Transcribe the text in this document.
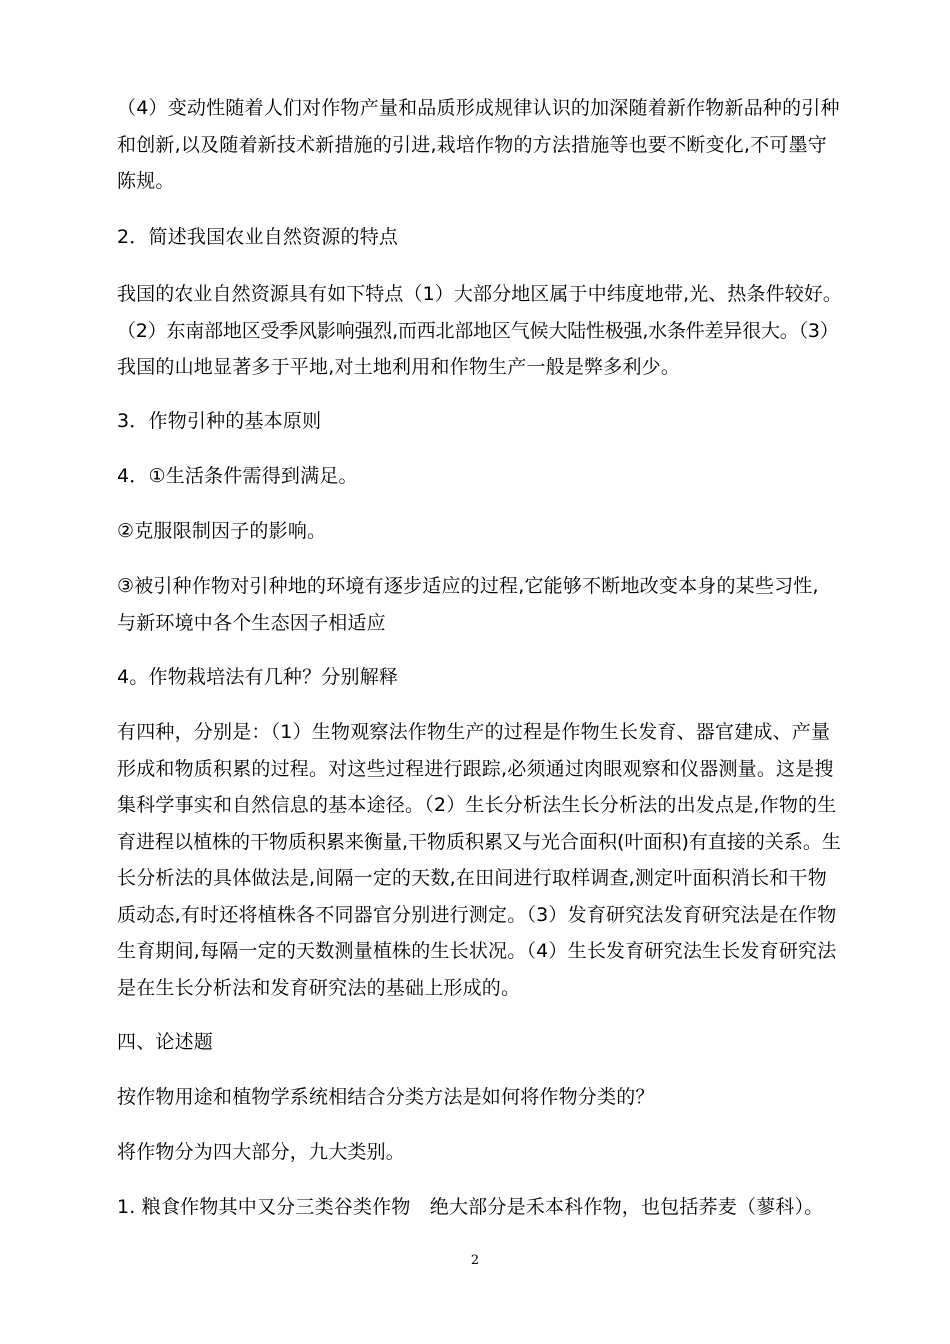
（4）变动性随着人们对作物产量和品质形成规律认识的加深随着新作物新品种的引种
和创新,以及随着新技术新措施的引进,栽培作物的方法措施等也要不断变化,不可墨守
陈规。
2．简述我国农业自然资源的特点
我国的农业自然资源具有如下特点（1）大部分地区属于中纬度地带,光、热条件较好。
（2）东南部地区受季风影响强烈,而西北部地区气候大陆性极强,水条件差异很大。（3）
我国的山地显著多于平地,对土地利用和作物生产一般是弊多利少。
3．作物引种的基本原则
4．①生活条件需得到满足。
②克服限制因子的影响。
③被引种作物对引种地的环境有逐步适应的过程,它能够不断地改变本身的某些习性,
与新环境中各个生态因子相适应
4。作物栽培法有几种？分别解释
有四种，分别是：（1）生物观察法作物生产的过程是作物生长发育、器官建成、产量
形成和物质积累的过程。对这些过程进行跟踪,必须通过肉眼观察和仪器测量。这是搜
集科学事实和自然信息的基本途径。（2）生长分析法生长分析法的出发点是,作物的生
育进程以植株的干物质积累来衡量,干物质积累又与光合面积(叶面积)有直接的关系。生
长分析法的具体做法是,间隔一定的天数,在田间进行取样调查,测定叶面积消长和干物
质动态,有时还将植株各不同器官分别进行测定。（3）发育研究法发育研究法是在作物
生育期间,每隔一定的天数测量植株的生长状况。（4）生长发育研究法生长发育研究法
是在生长分析法和发育研究法的基础上形成的。
四、论述题
按作物用途和植物学系统相结合分类方法是如何将作物分类的？
将作物分为四大部分，九大类别。
1. 粮食作物其中又分三类谷类作物　绝大部分是禾本科作物，也包括荞麦（蓼科）。
2
